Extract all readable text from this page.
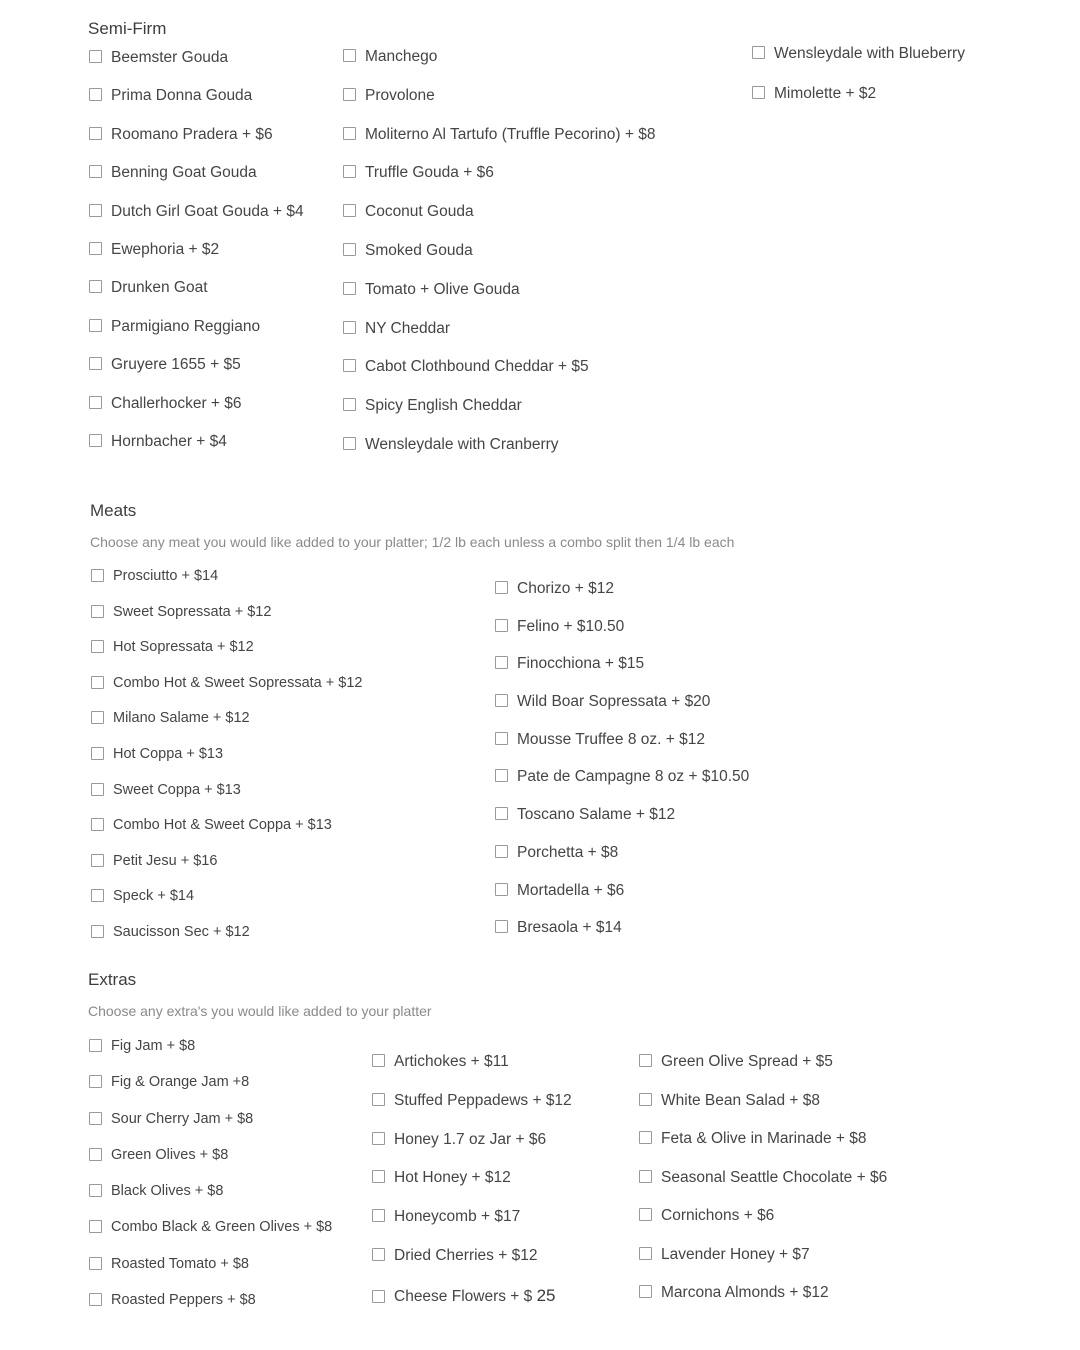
Semi-Firm
Beemster Gouda
Prima Donna Gouda
Roomano Pradera + $6
Benning Goat Gouda
Dutch Girl Goat Gouda + $4
Ewephoria + $2
Drunken Goat
Parmigiano Reggiano
Gruyere 1655 + $5
Challerhocker + $6
Hornbacher + $4
Manchego
Provolone
Moliterno Al Tartufo (Truffle Pecorino) + $8
Truffle Gouda + $6
Coconut Gouda
Smoked Gouda
Tomato + Olive Gouda
NY Cheddar
Cabot Clothbound Cheddar + $5
Spicy English Cheddar
Wensleydale with Cranberry
Wensleydale with Blueberry
Mimolette + $2
Meats

Choose any meat you would like added to your platter; 1/2 lb each unless a combo split then 1/4 lb each

Prosciutto + $14
Sweet Sopressata + $12
Hot Sopressata + $12
Combo Hot & Sweet Sopressata + $12
Milano Salame + $12
Hot Coppa + $13
Sweet Coppa + $13
Combo Hot & Sweet Coppa + $13
Petit Jesu + $16
Speck + $14
Saucisson Sec + $12
Chorizo + $12
Felino + $10.50
Finocchiona + $15
Wild Boar Sopressata + $20
Mousse Truffee 8 oz. + $12
Pate de Campagne 8 oz + $10.50
Toscano Salame + $12
Porchetta + $8
Mortadella + $6
Bresaola + $14
Extras

Choose any extra's you would like added to your platter

Fig Jam + $8
Fig & Orange Jam +8
Sour Cherry Jam + $8
Green Olives + $8
Black Olives + $8
Combo Black & Green Olives + $8
Roasted Tomato + $8
Roasted Peppers + $8
Artichokes + $11
Stuffed Peppadews + $12
Honey 1.7 oz Jar + $6
Hot Honey + $12
Honeycomb + $17
Dried Cherries + $12
Cheese Flowers + $ 25
Green Olive Spread + $5
White Bean Salad + $8
Feta & Olive in Marinade + $8
Seasonal Seattle Chocolate + $6
Cornichons + $6
Lavender Honey + $7
Marcona Almonds + $12
